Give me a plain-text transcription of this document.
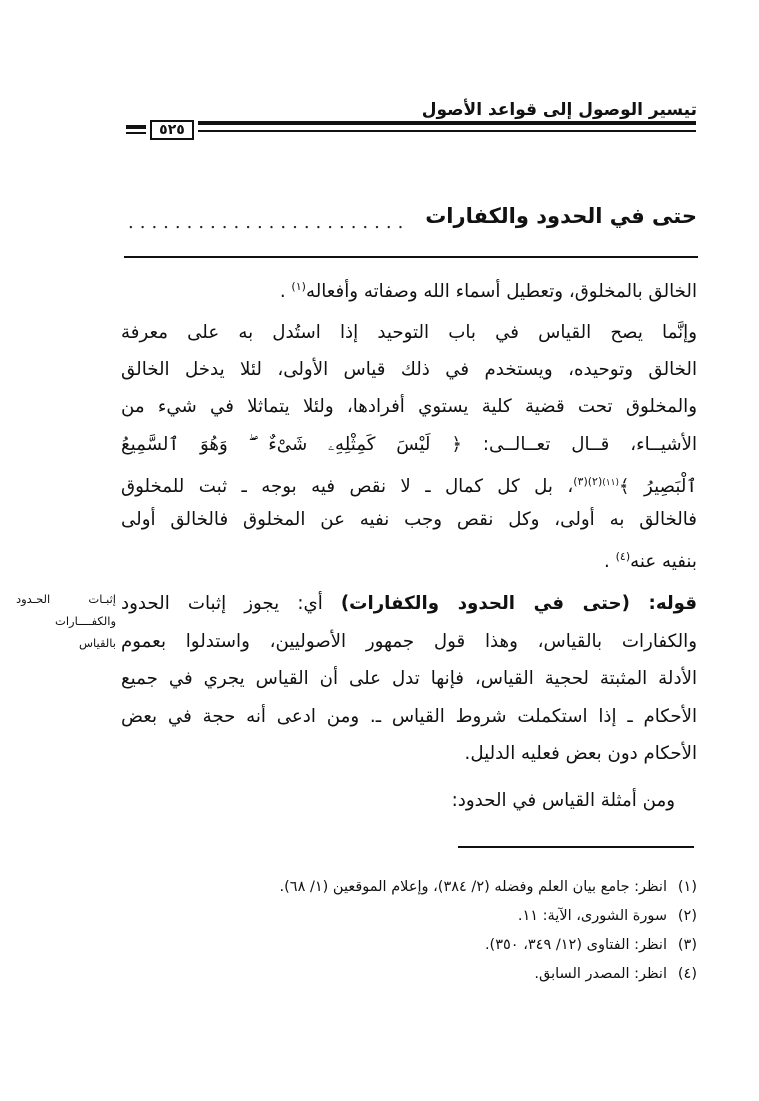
تيسير الوصول إلى قواعد الأصول
٥٢٥
حتى في الحدود والكفارات
........................
الخالق بالمخلوق، وتعطيل أسماء الله وصفاته وأفعاله$^{(١)}$ .
وإنَّما يصح القياس في باب التوحيد إذا استُدل به على معرفة
الخالق وتوحيده، ويستخدم في ذلك قياس الأولى، لئلا يدخل الخالق
والمخلوق تحت قضية كلية يستوي أفرادها، ولئلا يتماثلا في شيء من
الأشيــاء، قــال تعــالــى: ﴿ لَيْسَ كَمِثْلِهِۦ شَىْءٌ ۖ وَهُوَ ٱلسَّمِيعُ
ٱلْبَصِيرُ ﴾$^{(١١)(٢)(٣)}$، بل كل كمال ـ لا نقص فيه بوجه ـ ثبت للمخلوق
فالخالق به أولى، وكل نقص وجب نفيه عن المخلوق فالخالق أولى
بنفيه عنه$^{(٤)}$ .
قوله: (حتى في الحدود والكفارات) أي: يجوز إثبات الحدود
والكفارات بالقياس، وهذا قول جمهور الأصوليين، واستدلوا بعموم
الأدلة المثبتة لحجية القياس، فإنها تدل على أن القياس يجري في جميع
الأحكام ـ إذا استكملت شروط القياس ـ. ومن ادعى أنه حجة في بعض
الأحكام دون بعض فعليه الدليل.
ومن أمثلة القياس في الحدود:
إثبـات الحـدود
والكفــــارات
بالقياس
(١)انظر: جامع بيان العلم وفضله (٢/ ٣٨٤)، وإعلام الموقعين (١/ ٦٨).
(٢)سورة الشورى، الآية: ١١.
(٣)انظر: الفتاوى (١٢/ ٣٤٩، ٣٥٠).
(٤)انظر: المصدر السابق.
